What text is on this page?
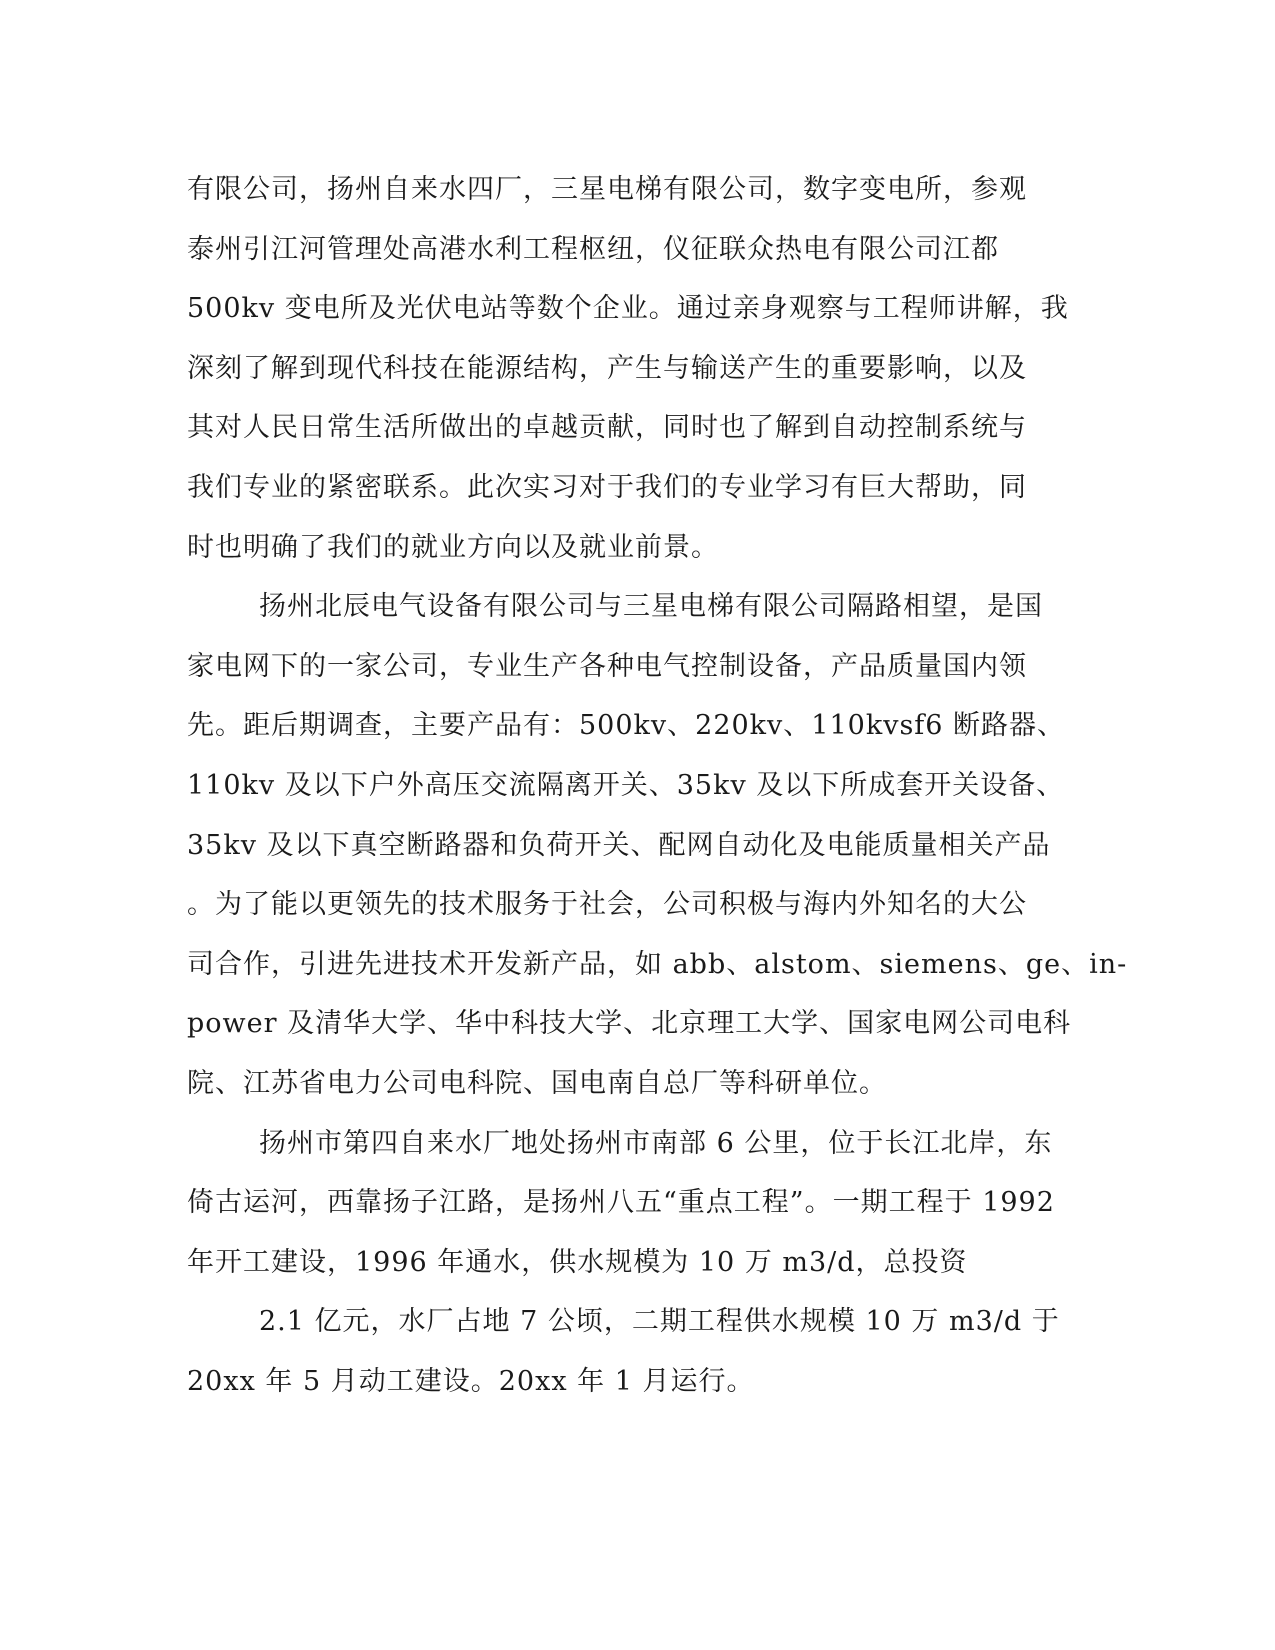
有限公司，扬州自来水四厂，三星电梯有限公司，数字变电所，参观
泰州引江河管理处高港水利工程枢纽，仪征联众热电有限公司江都
500kv 变电所及光伏电站等数个企业。通过亲身观察与工程师讲解，我
深刻了解到现代科技在能源结构，产生与输送产生的重要影响，以及
其对人民日常生活所做出的卓越贡献，同时也了解到自动控制系统与
我们专业的紧密联系。此次实习对于我们的专业学习有巨大帮助，同
时也明确了我们的就业方向以及就业前景。
扬州北辰电气设备有限公司与三星电梯有限公司隔路相望，是国
家电网下的一家公司，专业生产各种电气控制设备，产品质量国内领
先。距后期调查，主要产品有：500kv、220kv、110kvsf6 断路器、
110kv 及以下户外高压交流隔离开关、35kv 及以下所成套开关设备、
35kv 及以下真空断路器和负荷开关、配网自动化及电能质量相关产品
。为了能以更领先的技术服务于社会，公司积极与海内外知名的大公
司合作，引进先进技术开发新产品，如 abb、alstom、siemens、ge、in-
power 及清华大学、华中科技大学、北京理工大学、国家电网公司电科
院、江苏省电力公司电科院、国电南自总厂等科研单位。
扬州市第四自来水厂地处扬州市南部 6 公里，位于长江北岸，东
倚古运河，西靠扬子江路，是扬州八五“重点工程”。一期工程于 1992
年开工建设，1996 年通水，供水规模为 10 万 m3/d，总投资
2.1 亿元，水厂占地 7 公顷，二期工程供水规模 10 万 m3/d 于
20xx 年 5 月动工建设。20xx 年 1 月运行。
